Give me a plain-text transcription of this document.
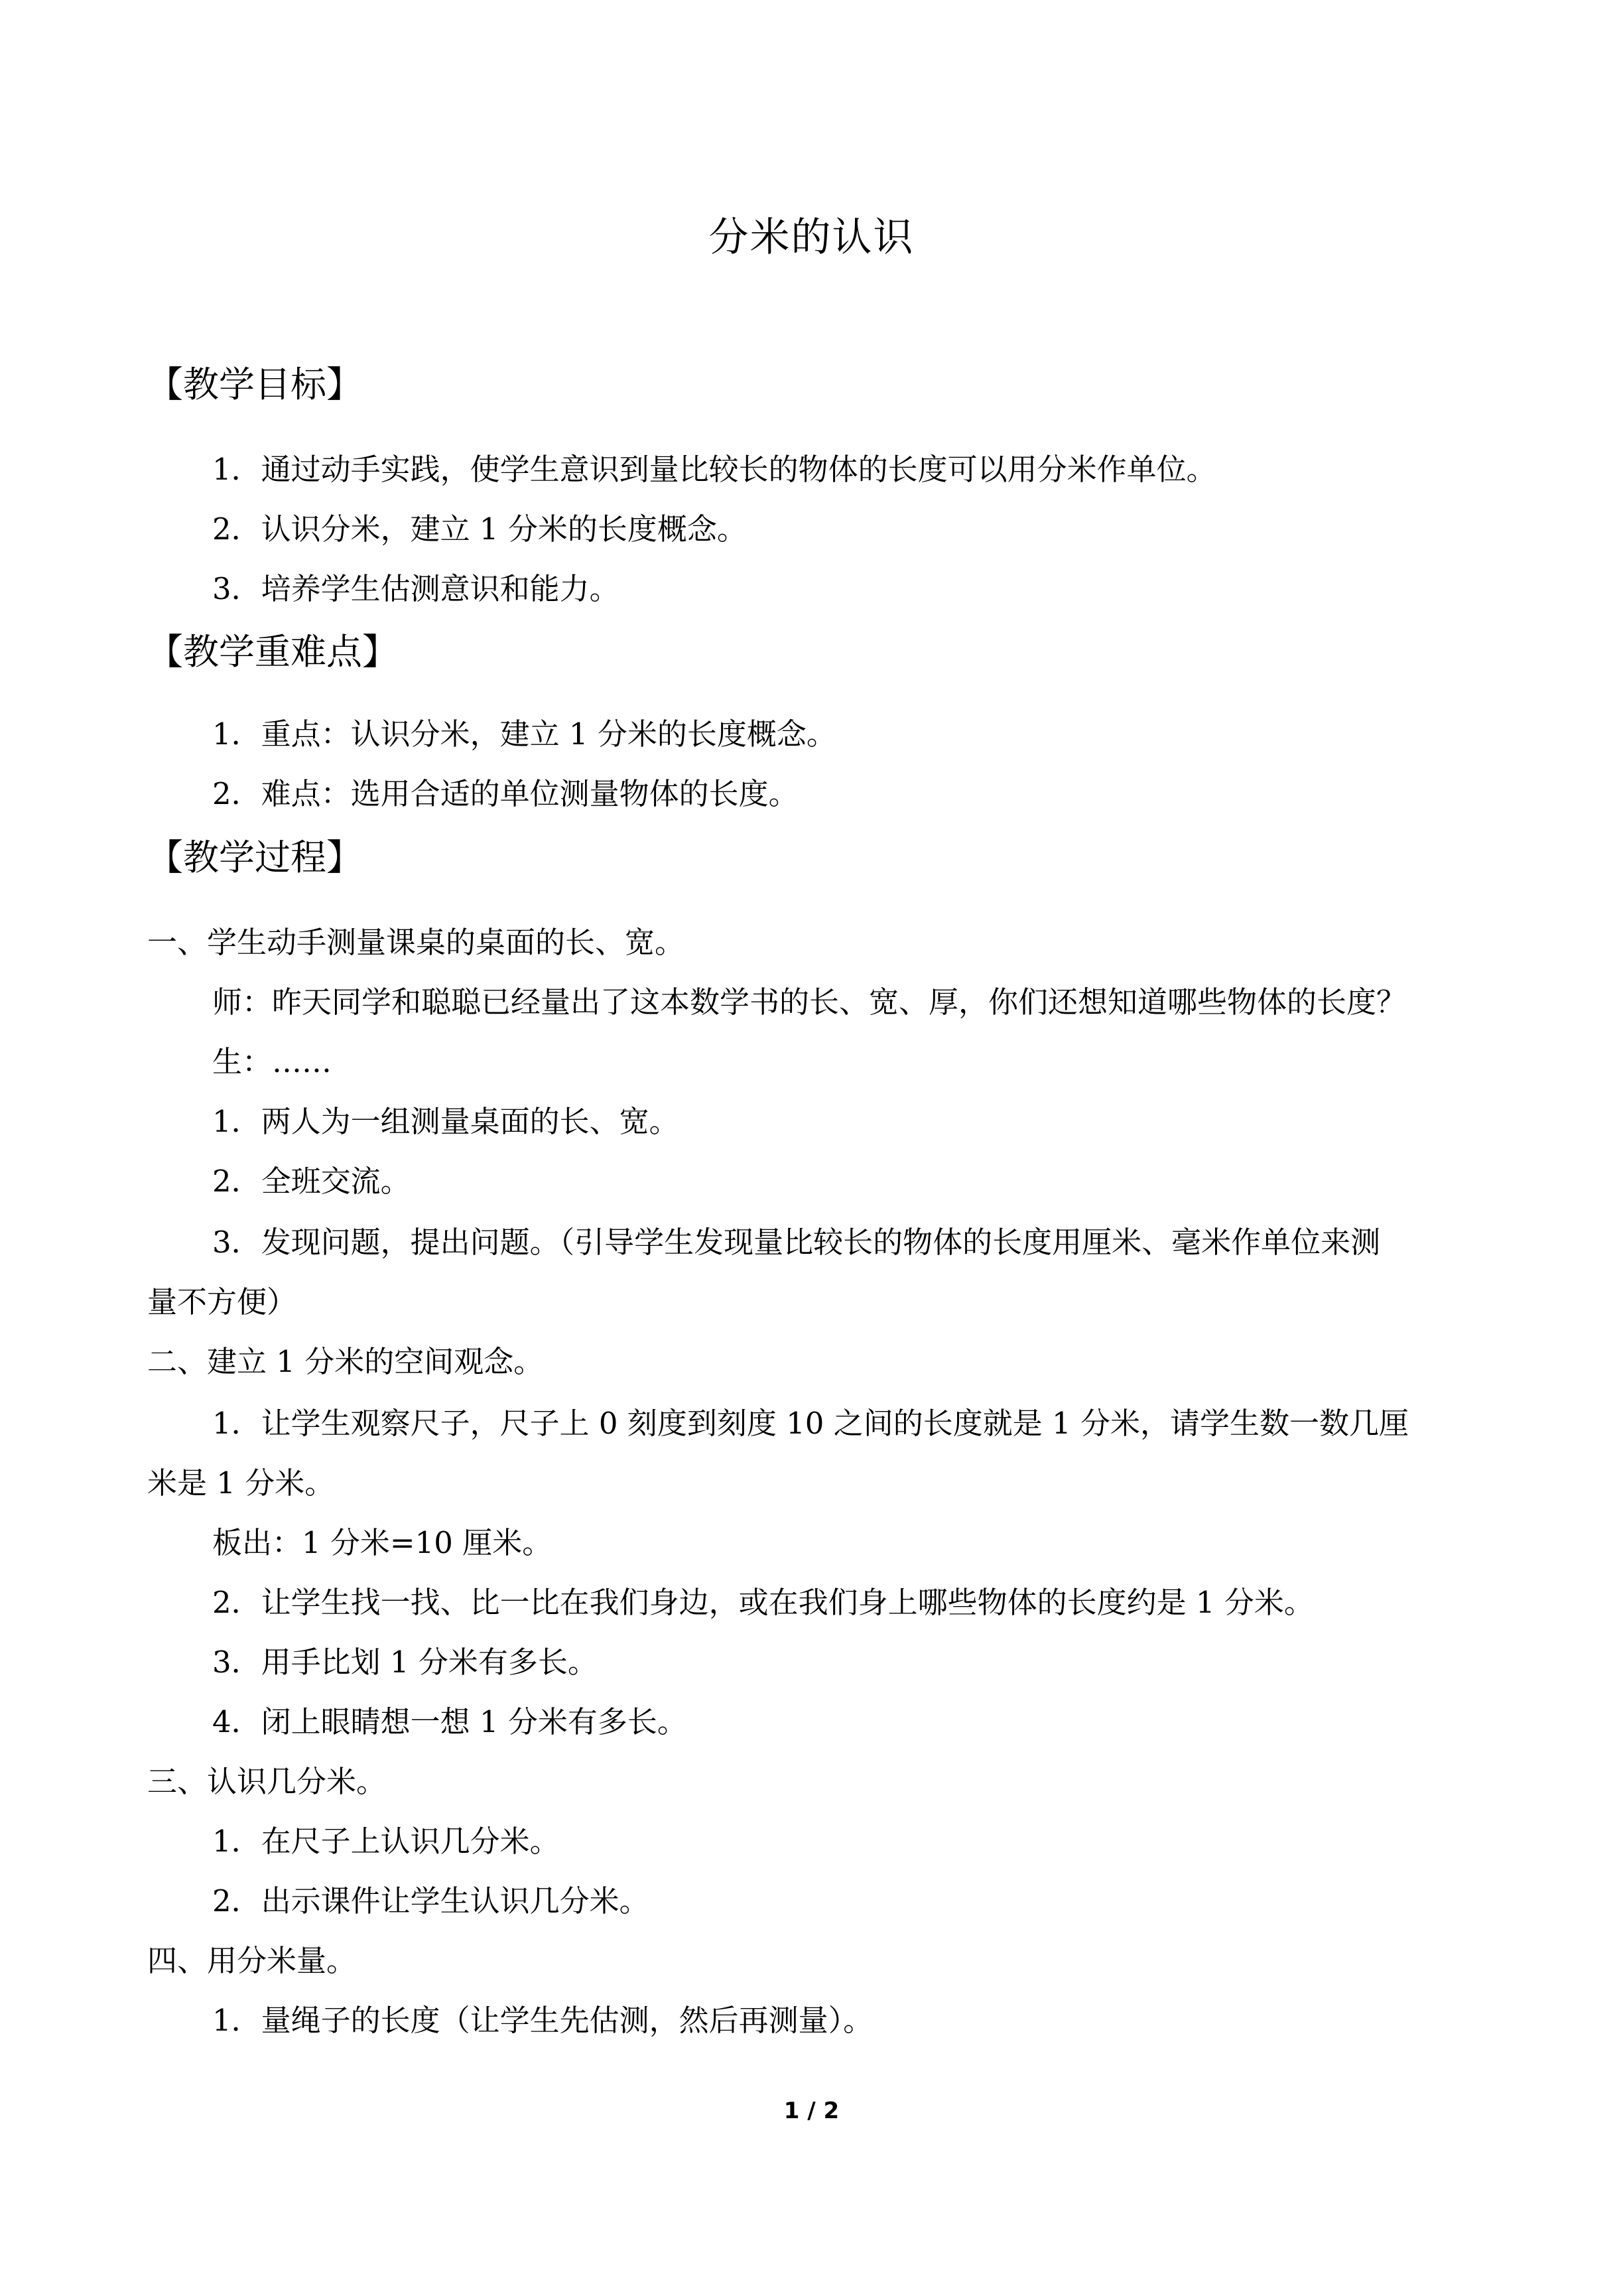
分米的认识
【教学目标】
1．通过动手实践，使学生意识到量比较长的物体的长度可以用分米作单位。
2．认识分米，建立 1 分米的长度概念。
3．培养学生估测意识和能力。
【教学重难点】
1．重点：认识分米，建立 1 分米的长度概念。
2．难点：选用合适的单位测量物体的长度。
【教学过程】
一、学生动手测量课桌的桌面的长、宽。
师：昨天同学和聪聪已经量出了这本数学书的长、宽、厚，你们还想知道哪些物体的长度？
生：……
1．两人为一组测量桌面的长、宽。
2．全班交流。
3．发现问题，提出问题。（引导学生发现量比较长的物体的长度用厘米、毫米作单位来测
量不方便）
二、建立 1 分米的空间观念。
1．让学生观察尺子，尺子上 0 刻度到刻度 10 之间的长度就是 1 分米，请学生数一数几厘
米是 1 分米。
板出：1 分米=10 厘米。
2．让学生找一找、比一比在我们身边，或在我们身上哪些物体的长度约是 1 分米。
3．用手比划 1 分米有多长。
4．闭上眼睛想一想 1 分米有多长。
三、认识几分米。
1．在尺子上认识几分米。
2．出示课件让学生认识几分米。
四、用分米量。
1．量绳子的长度（让学生先估测，然后再测量）。
1 / 2
